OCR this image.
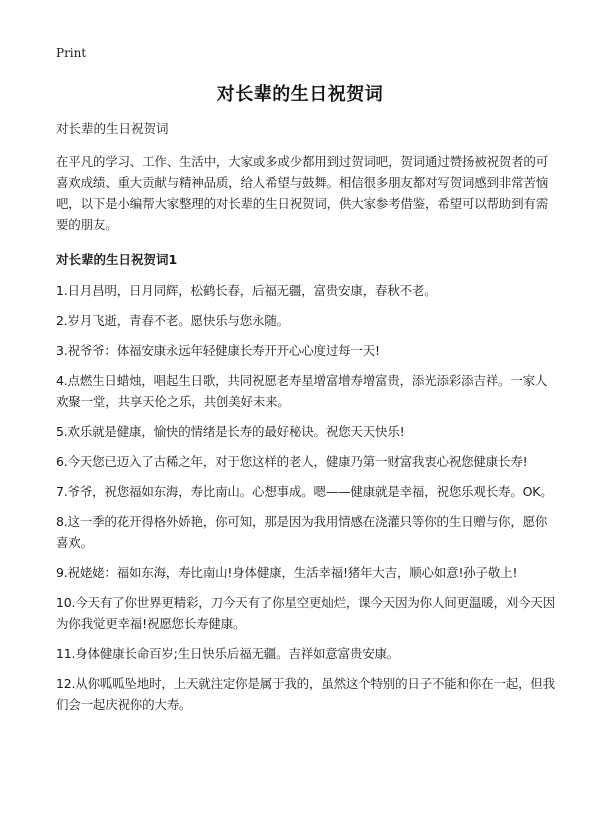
Print
对长辈的生日祝贺词

对长辈的生日祝贺词

在平凡的学习、工作、生活中，大家或多或少都用到过贺词吧，贺词通过赞扬被祝贺者的可喜欢成绩、重大贡献与精神品质，给人希望与鼓舞。相信很多朋友都对写贺词感到非常苦恼吧，以下是小编帮大家整理的对长辈的生日祝贺词，供大家参考借鉴，希望可以帮助到有需要的朋友。

对长辈的生日祝贺词1

1.日月昌明，日月同辉，松鹤长春，后福无疆，富贵安康，春秋不老。
2.岁月飞逝，青春不老。愿快乐与您永随。
3.祝爷爷：体福安康永远年轻健康长寿开开心心度过每一天!
4.点燃生日蜡烛，唱起生日歌，共同祝愿老寿星增富增寿增富贵，添光添彩添吉祥。一家人欢聚一堂，共享天伦之乐，共创美好未来。
5.欢乐就是健康，愉快的情绪是长寿的最好秘诀。祝您天天快乐!
6.今天您已迈入了古稀之年，对于您这样的老人，健康乃第一财富我衷心祝您健康长寿!
7.爷爷，祝您福如东海，寿比南山。心想事成。嗯——健康就是幸福，祝您乐观长寿。OK。
8.这一季的花开得格外娇艳，你可知，那是因为我用情感在浇灌只等你的生日赠与你，愿你喜欢。
9.祝姥姥：福如东海，寿比南山!身体健康，生活幸福!猪年大吉，顺心如意!孙子敬上!
10.今天有了你世界更精彩，刀今天有了你星空更灿烂，课今天因为你人间更温暖，刈今天因为你我觉更幸福!祝愿您长寿健康。
11.身体健康长命百岁;生日快乐后福无疆。吉祥如意富贵安康。
12.从你呱呱坠地时，上天就注定你是属于我的，虽然这个特别的日子不能和你在一起，但我们会一起庆祝你的大寿。
